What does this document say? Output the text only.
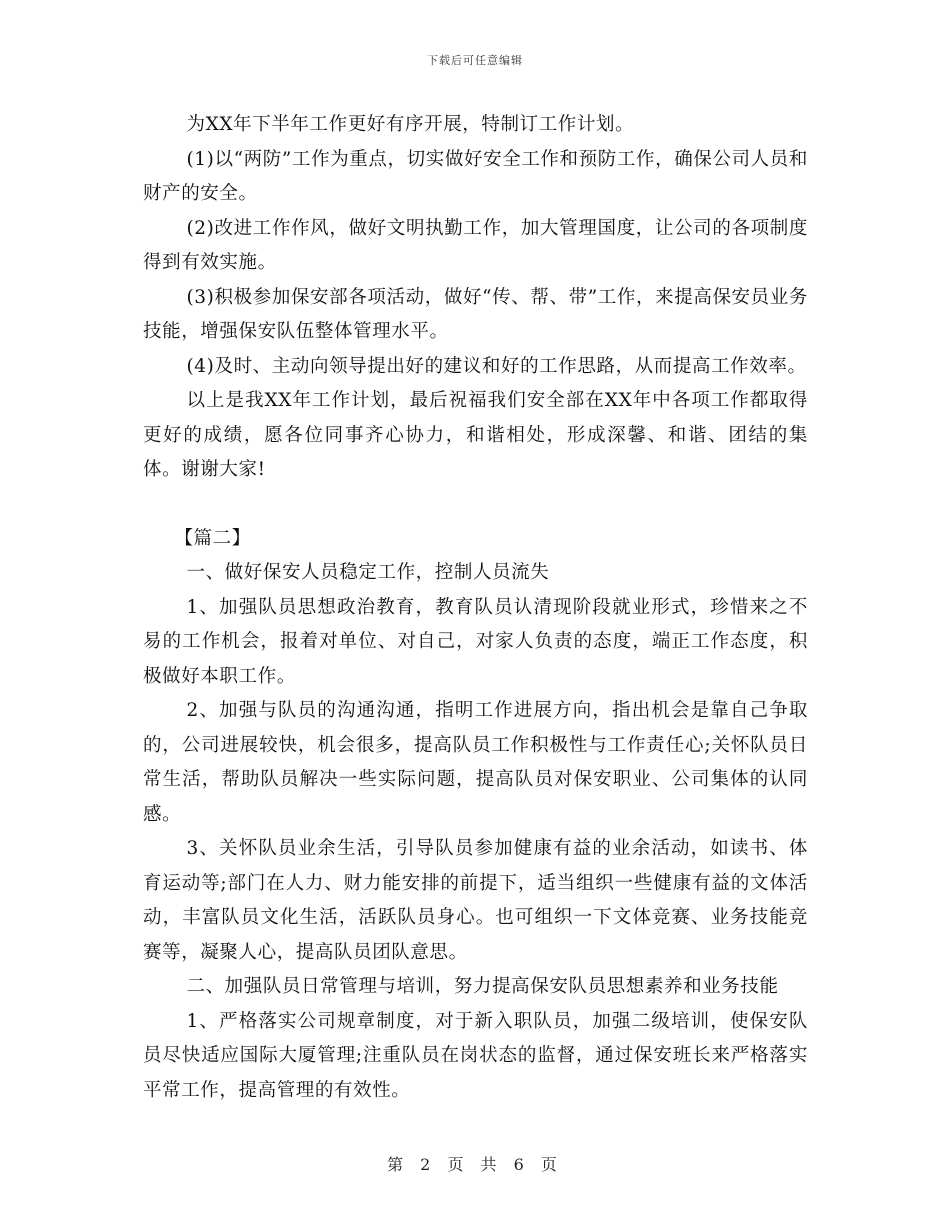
下载后可任意编辑

为XX年下半年工作更好有序开展，特制订工作计划。

(1)以“两防”工作为重点，切实做好安全工作和预防工作，确保公司人员和财产的安全。

(2)改进工作作风，做好文明执勤工作，加大管理国度，让公司的各项制度得到有效实施。

(3)积极参加保安部各项活动，做好“传、帮、带”工作，来提高保安员业务技能，增强保安队伍整体管理水平。

(4)及时、主动向领导提出好的建议和好的工作思路，从而提高工作效率。

以上是我XX年工作计划，最后祝福我们安全部在XX年中各项工作都取得更好的成绩，愿各位同事齐心协力，和谐相处，形成深馨、和谐、团结的集体。谢谢大家!

【篇二】

一、做好保安人员稳定工作，控制人员流失

1、加强队员思想政治教育，教育队员认清现阶段就业形式，珍惜来之不易的工作机会，报着对单位、对自己，对家人负责的态度，端正工作态度，积极做好本职工作。

2、加强与队员的沟通沟通，指明工作进展方向，指出机会是靠自己争取的，公司进展较快，机会很多，提高队员工作积极性与工作责任心;关怀队员日常生活，帮助队员解决一些实际问题，提高队员对保安职业、公司集体的认同感。

3、关怀队员业余生活，引导队员参加健康有益的业余活动，如读书、体育运动等;部门在人力、财力能安排的前提下，适当组织一些健康有益的文体活动，丰富队员文化生活，活跃队员身心。也可组织一下文体竞赛、业务技能竞赛等，凝聚人心，提高队员团队意思。

二、加强队员日常管理与培训，努力提高保安队员思想素养和业务技能

1、严格落实公司规章制度，对于新入职队员，加强二级培训，使保安队员尽快适应国际大厦管理;注重队员在岗状态的监督，通过保安班长来严格落实平常工作，提高管理的有效性。

第 2 页 共 6 页
